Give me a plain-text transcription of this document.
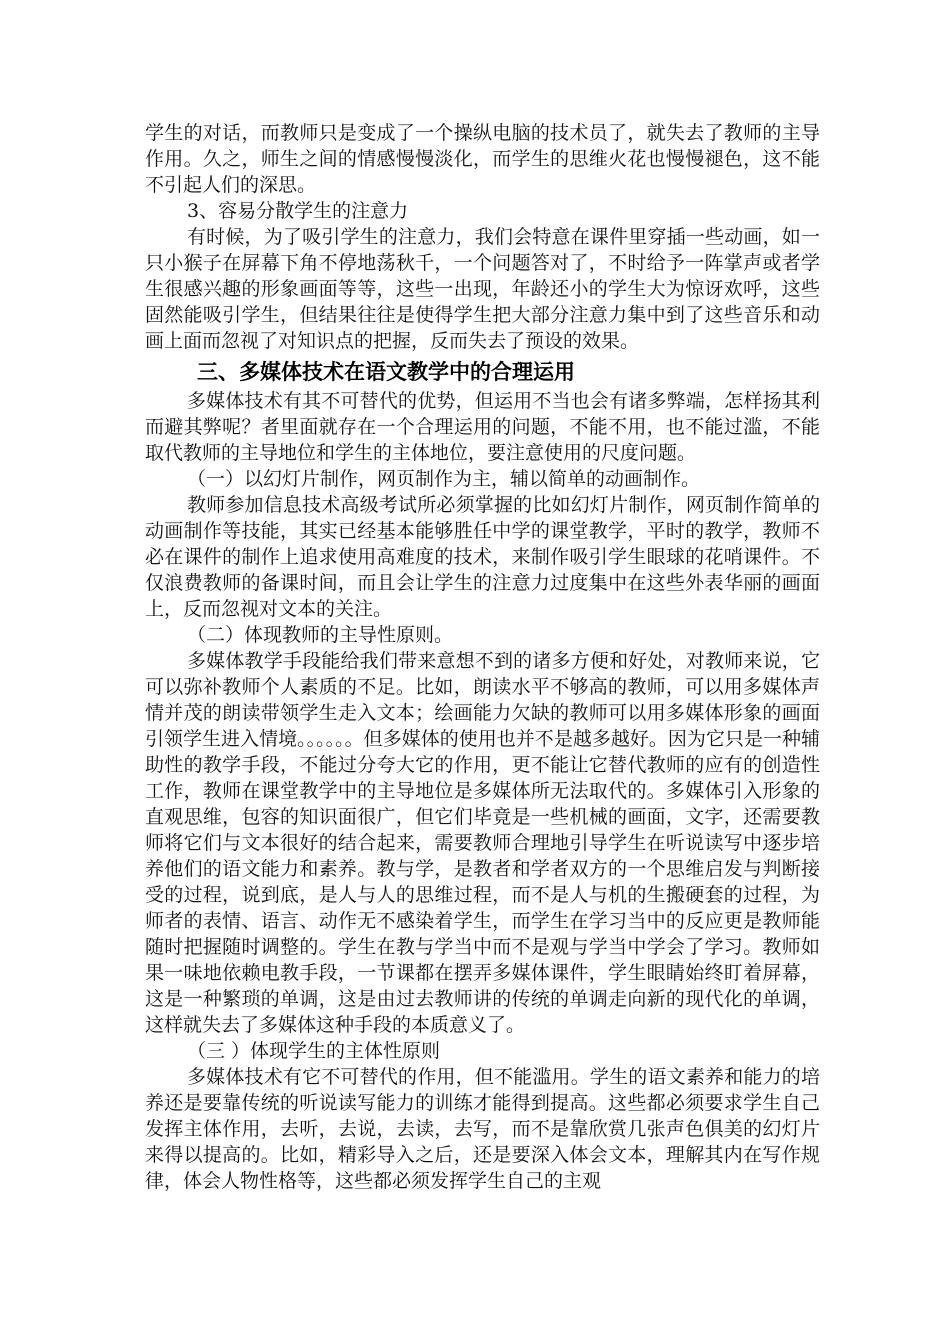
学生的对话，而教师只是变成了一个操纵电脑的技术员了，就失去了教师的主导作用。久之，师生之间的情感慢慢淡化，而学生的思维火花也慢慢褪色，这不能不引起人们的深思。

3、容易分散学生的注意力

有时候，为了吸引学生的注意力，我们会特意在课件里穿插一些动画，如一只小猴子在屏幕下角不停地荡秋千，一个问题答对了，不时给予一阵掌声或者学生很感兴趣的形象画面等等，这些一出现，年龄还小的学生大为惊讶欢呼，这些固然能吸引学生，但结果往往是使得学生把大部分注意力集中到了这些音乐和动画上面而忽视了对知识点的把握，反而失去了预设的效果。

三、多媒体技术在语文教学中的合理运用

多媒体技术有其不可替代的优势，但运用不当也会有诸多弊端，怎样扬其利而避其弊呢？者里面就存在一个合理运用的问题，不能不用，也不能过滥，不能取代教师的主导地位和学生的主体地位，要注意使用的尺度问题。

（一）以幻灯片制作，网页制作为主，辅以简单的动画制作。

教师参加信息技术高级考试所必须掌握的比如幻灯片制作，网页制作简单的动画制作等技能，其实已经基本能够胜任中学的课堂教学，平时的教学，教师不必在课件的制作上追求使用高难度的技术，来制作吸引学生眼球的花哨课件。不仅浪费教师的备课时间，而且会让学生的注意力过度集中在这些外表华丽的画面上，反而忽视对文本的关注。

（二）体现教师的主导性原则。

多媒体教学手段能给我们带来意想不到的诸多方便和好处，对教师来说，它可以弥补教师个人素质的不足。比如，朗读水平不够高的教师，可以用多媒体声情并茂的朗读带领学生走入文本；绘画能力欠缺的教师可以用多媒体形象的画面引领学生进入情境。。。。。。但多媒体的使用也并不是越多越好。因为它只是一种辅助性的教学手段，不能过分夸大它的作用，更不能让它替代教师的应有的创造性工作，教师在课堂教学中的主导地位是多媒体所无法取代的。多媒体引入形象的直观思维，包容的知识面很广，但它们毕竟是一些机械的画面，文字，还需要教师将它们与文本很好的结合起来，需要教师合理地引导学生在听说读写中逐步培养他们的语文能力和素养。教与学，是教者和学者双方的一个思维启发与判断接受的过程，说到底，是人与人的思维过程，而不是人与机的生搬硬套的过程，为师者的表情、语言、动作无不感染着学生，而学生在学习当中的反应更是教师能随时把握随时调整的。学生在教与学当中而不是观与学当中学会了学习。教师如果一味地依赖电教手段，一节课都在摆弄多媒体课件，学生眼睛始终盯着屏幕，这是一种繁琐的单调，这是由过去教师讲的传统的单调走向新的现代化的单调，这样就失去了多媒体这种手段的本质意义了。

（三 ）体现学生的主体性原则

多媒体技术有它不可替代的作用，但不能滥用。学生的语文素养和能力的培养还是要靠传统的听说读写能力的训练才能得到提高。这些都必须要求学生自己发挥主体作用，去听，去说，去读，去写，而不是靠欣赏几张声色俱美的幻灯片来得以提高的。比如，精彩导入之后，还是要深入体会文本，理解其内在写作规律，体会人物性格等，这些都必须发挥学生自己的主观
